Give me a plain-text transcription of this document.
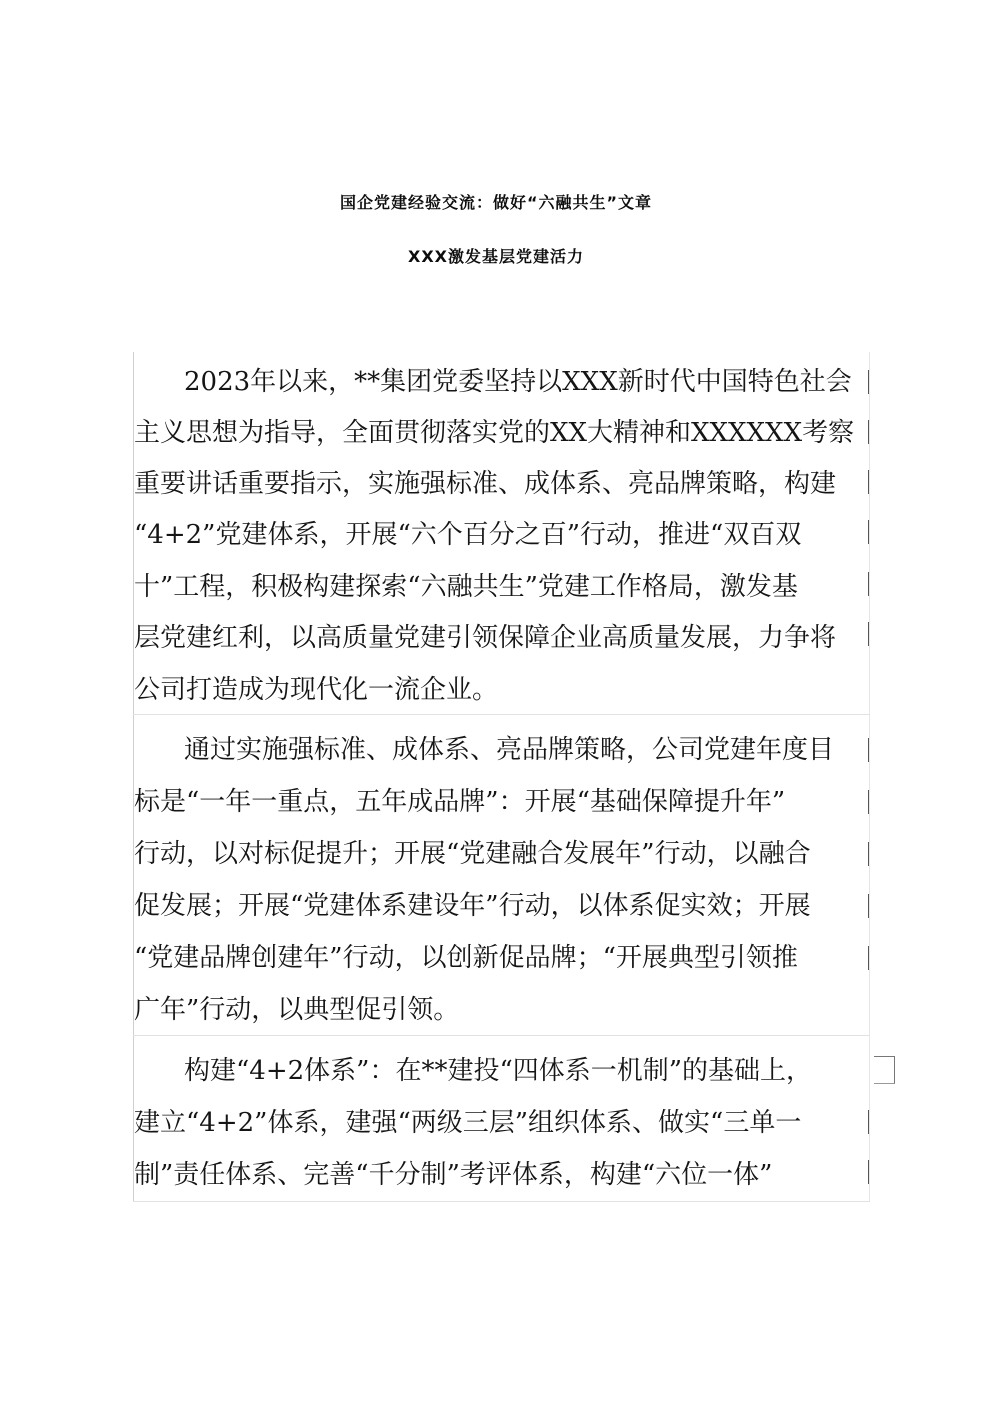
国企党建经验交流：做好“六融共生”文章
XXX激发基层党建活力
2023年以来，**集团党委坚持以XXX新时代中国特色社会
主义思想为指导，全面贯彻落实党的XX大精神和XXXXXX考察
重要讲话重要指示，实施强标准、成体系、亮品牌策略，构建
“4+2”党建体系，开展“六个百分之百”行动，推进“双百双
十”工程，积极构建探索“六融共生”党建工作格局，激发基
层党建红利，以高质量党建引领保障企业高质量发展，力争将
公司打造成为现代化一流企业。
通过实施强标准、成体系、亮品牌策略，公司党建年度目
标是“一年一重点，五年成品牌”：开展“基础保障提升年”
行动，以对标促提升；开展“党建融合发展年”行动，以融合
促发展；开展“党建体系建设年”行动，以体系促实效；开展
“党建品牌创建年”行动，以创新促品牌；“开展典型引领推
广年”行动，以典型促引领。
构建“4+2体系”：在**建投“四体系一机制”的基础上，
建立“4+2”体系，建强“两级三层”组织体系、做实“三单一
制”责任体系、完善“千分制”考评体系，构建“六位一体”
